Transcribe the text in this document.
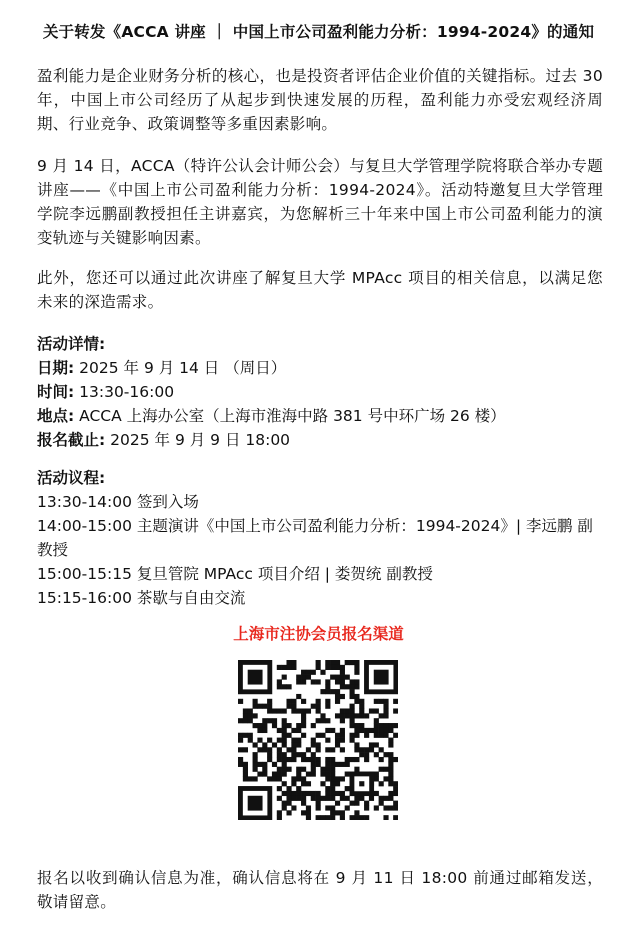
关于转发《ACCA 讲座 ｜ 中国上市公司盈利能力分析：1994-2024》的通知
盈利能力是企业财务分析的核心，也是投资者评估企业价值的关键指标。过去 30 年，中国上市公司经历了从起步到快速发展的历程，盈利能力亦受宏观经济周期、行业竞争、政策调整等多重因素影响。
9 月 14 日，ACCA（特许公认会计师公会）与复旦大学管理学院将联合举办专题讲座——《中国上市公司盈利能力分析：1994-2024》。活动特邀复旦大学管理学院李远鹏副教授担任主讲嘉宾，为您解析三十年来中国上市公司盈利能力的演变轨迹与关键影响因素。
此外，您还可以通过此次讲座了解复旦大学 MPAcc 项目的相关信息，以满足您未来的深造需求。
活动详情:
日期: 2025 年 9 月 14 日 （周日）
时间: 13:30-16:00
地点: ACCA 上海办公室（上海市淮海中路 381 号中环广场 26 楼）
报名截止: 2025 年 9 月 9 日 18:00
活动议程:
13:30-14:00 签到入场
14:00-15:00 主题演讲《中国上市公司盈利能力分析：1994-2024》| 李远鹏 副教授
15:00-15:15 复旦管院 MPAcc 项目介绍 | 娄贺统 副教授
15:15-16:00 茶歇与自由交流
上海市注协会员报名渠道
报名以收到确认信息为准，确认信息将在 9 月 11 日 18:00 前通过邮箱发送，敬请留意。
